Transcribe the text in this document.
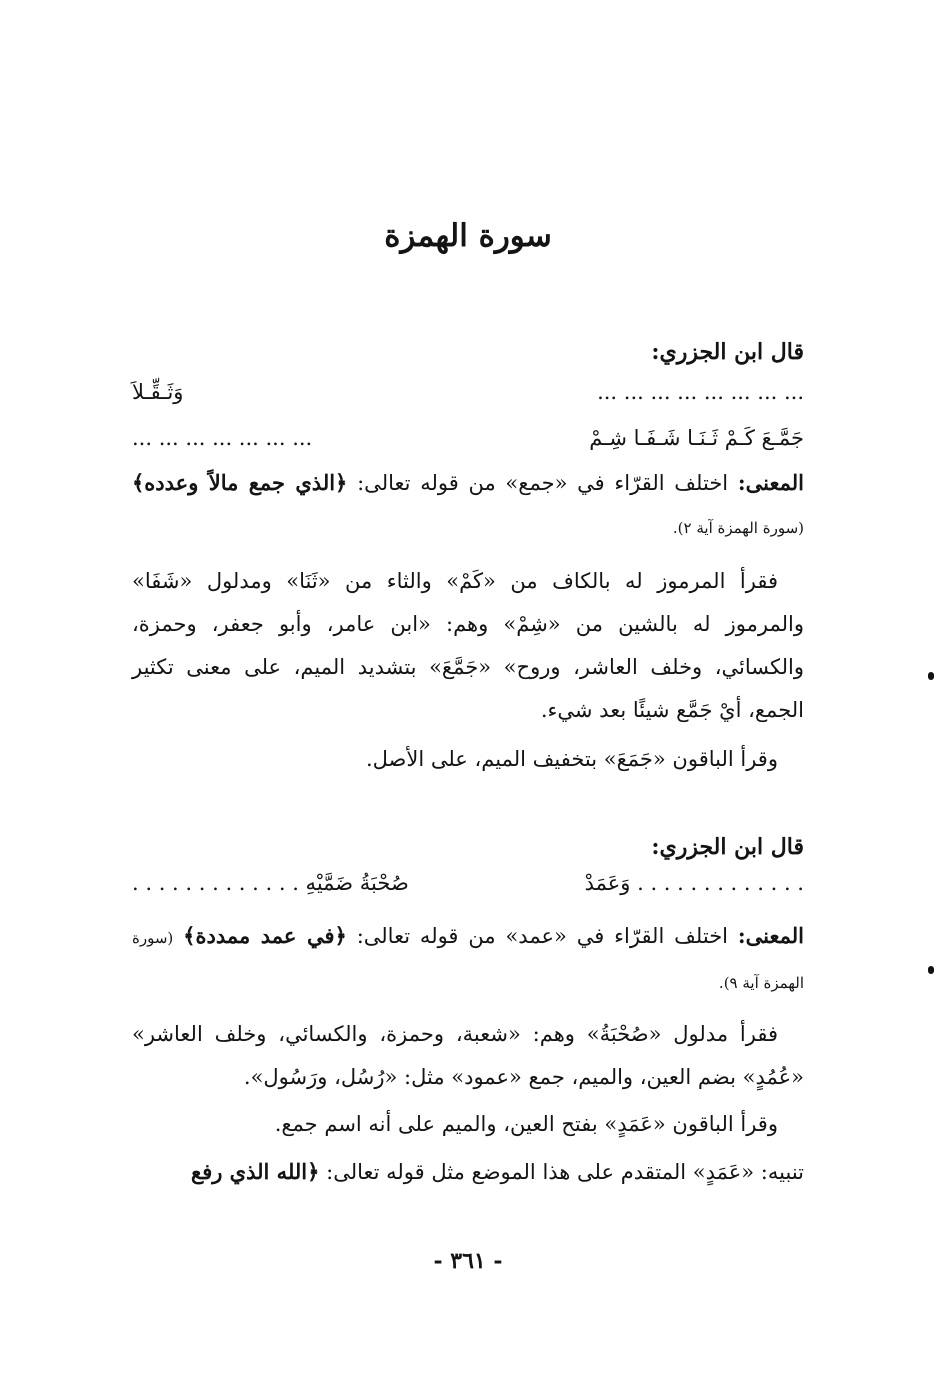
سورة الهمزة

قال ابن الجزري:

... ... ... ... ... ... ... ...
وَثَـقِّـلاَ
جَمَّـعَ كَـمْ ثَـنَـا شَـفَـا شِـمْ
... ... ... ... ... ... ...

المعنى: اختلف القرّاء في «جمع» من قوله تعالى: ﴿الذي جمع مالاً وعدده﴾ (سورة الهمزة آية ٢).

فقرأ المرموز له بالكاف من «كَمْ» والثاء من «ثَنَا» ومدلول «شَفَا» والمرموز له بالشين من «شِمْ» وهم: «ابن عامر، وأبو جعفر، وحمزة، والكسائي، وخلف العاشر، وروح» «جَمَّعَ» بتشديد الميم، على معنى تكثير الجمع، أيْ جَمَّع شيئًا بعد شيء.

وقرأ الباقون «جَمَعَ» بتخفيف الميم، على الأصل.

قال ابن الجزري:

. . . . . . . . . . . . . وَعَمَدْ
صُحْبَةُ ضَمَّيْهِ . . . . . . . . . . . . .

المعنى: اختلف القرّاء في «عمد» من قوله تعالى: ﴿في عمد ممددة﴾ (سورة الهمزة آية ٩).

فقرأ مدلول «صُحْبَةُ» وهم: «شعبة، وحمزة، والكسائي، وخلف العاشر» «عُمُدٍ» بضم العين، والميم، جمع «عمود» مثل: «رُسُل، ورَسُول».

وقرأ الباقون «عَمَدٍ» بفتح العين، والميم على أنه اسم جمع.

تنبيه: «عَمَدٍ» المتقدم على هذا الموضع مثل قوله تعالى: ﴿الله الذي رفع

- ٣٦١ -
